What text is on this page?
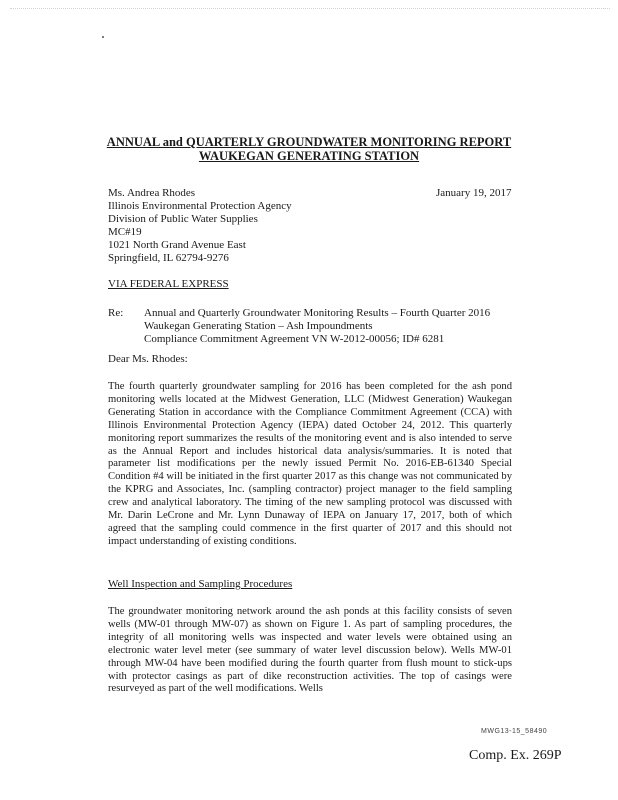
⋅ ⋅ ⋅
ANNUAL and QUARTERLY GROUNDWATER MONITORING REPORT
WAUKEGAN GENERATING STATION
Ms. Andrea Rhodes
Illinois Environmental Protection Agency
Division of Public Water Supplies
MC#19
1021 North Grand Avenue East
Springfield, IL 62794-9276
January 19, 2017
VIA FEDERAL EXPRESS
Re: Annual and Quarterly Groundwater Monitoring Results – Fourth Quarter 2016
Waukegan Generating Station – Ash Impoundments
Compliance Commitment Agreement VN W-2012-00056; ID# 6281
Dear Ms. Rhodes:
The fourth quarterly groundwater sampling for 2016 has been completed for the ash pond monitoring wells located at the Midwest Generation, LLC (Midwest Generation) Waukegan Generating Station in accordance with the Compliance Commitment Agreement (CCA) with Illinois Environmental Protection Agency (IEPA) dated October 24, 2012. This quarterly monitoring report summarizes the results of the monitoring event and is also intended to serve as the Annual Report and includes historical data analysis/summaries. It is noted that parameter list modifications per the newly issued Permit No. 2016-EB-61340 Special Condition #4 will be initiated in the first quarter 2017 as this change was not communicated by the KPRG and Associates, Inc. (sampling contractor) project manager to the field sampling crew and analytical laboratory. The timing of the new sampling protocol was discussed with Mr. Darin LeCrone and Mr. Lynn Dunaway of IEPA on January 17, 2017, both of which agreed that the sampling could commence in the first quarter of 2017 and this should not impact understanding of existing conditions.
Well Inspection and Sampling Procedures
The groundwater monitoring network around the ash ponds at this facility consists of seven wells (MW-01 through MW-07) as shown on Figure 1. As part of sampling procedures, the integrity of all monitoring wells was inspected and water levels were obtained using an electronic water level meter (see summary of water level discussion below). Wells MW-01 through MW-04 have been modified during the fourth quarter from flush mount to stick-ups with protector casings as part of dike reconstruction activities. The top of casings were resurveyed as part of the well modifications. Wells
MWG13-15_58490
Comp. Ex. 269P
